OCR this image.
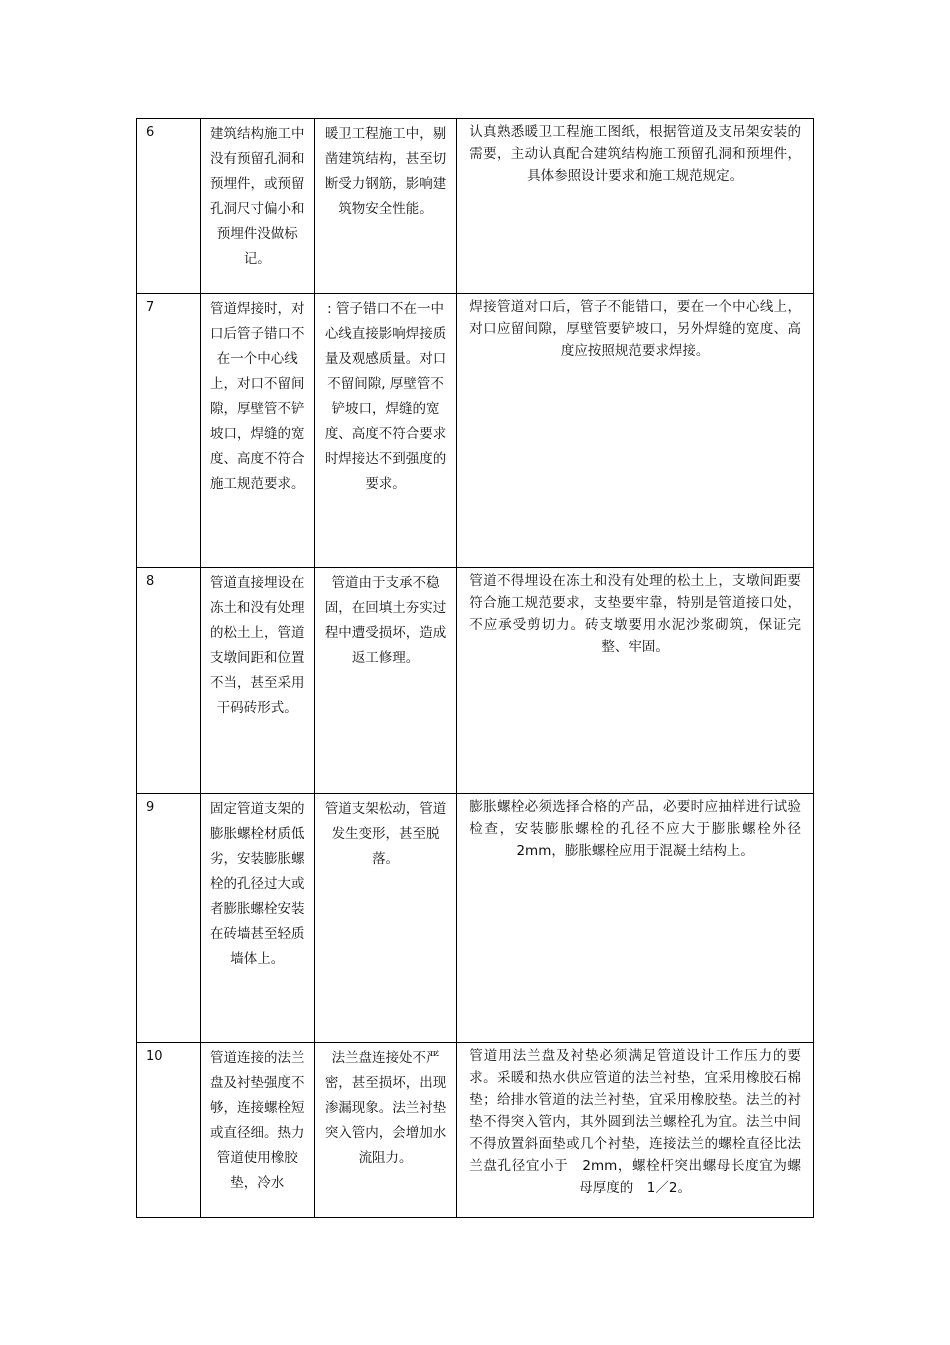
6	建筑结构施工中没有预留孔洞和预埋件，或预留孔洞尺寸偏小和预埋件没做标记。	暖卫工程施工中，剔凿建筑结构，甚至切断受力钢筋，影响建筑物安全性能。	认真熟悉暖卫工程施工图纸，根据管道及支吊架安装的需要，主动认真配合建筑结构施工预留孔洞和预埋件，具体参照设计要求和施工规范规定。
7	管道焊接时，对口后管子错口不在一个中心线上，对口不留间隙，厚壁管不铲坡口，焊缝的宽度、高度不符合施工规范要求。	: 管子错口不在一中心线直接影响焊接质量及观感质量。对口不留间隙, 厚壁管不铲坡口，焊缝的宽度、高度不符合要求时焊接达不到强度的要求。	焊接管道对口后，管子不能错口，要在一个中心线上，对口应留间隙，厚壁管要铲坡口，另外焊缝的宽度、高度应按照规范要求焊接。
8	管道直接埋设在冻土和没有处理的松土上，管道支墩间距和位置不当，甚至采用干码砖形式。	管道由于支承不稳固，在回填土夯实过程中遭受损坏，造成返工修理。	管道不得埋设在冻土和没有处理的松土上，支墩间距要符合施工规范要求，支垫要牢靠，特别是管道接口处，不应承受剪切力。砖支墩要用水泥沙浆砌筑，保证完整、牢固。
9	固定管道支架的膨胀螺栓材质低劣，安装膨胀螺栓的孔径过大或者膨胀螺栓安装在砖墙甚至轻质墙体上。	管道支架松动，管道发生变形，甚至脱落。	膨胀螺栓必须选择合格的产品，必要时应抽样进行试验检查，安装膨胀螺栓的孔径不应大于膨胀螺栓外径　2mm，膨胀螺栓应用于混凝土结构上。
10	管道连接的法兰盘及衬垫强度不够，连接螺栓短或直径细。热力管道使用橡胶垫，冷水	法兰盘连接处不严密，甚至损坏，出现渗漏现象。法兰衬垫突入管内，会增加水流阻力。	管道用法兰盘及衬垫必须满足管道设计工作压力的要求。采暖和热水供应管道的法兰衬垫，宜采用橡胶石棉垫；给排水管道的法兰衬垫，宜采用橡胶垫。法兰的衬垫不得突入管内，其外圆到法兰螺栓孔为宜。法兰中间不得放置斜面垫或几个衬垫，连接法兰的螺栓直径比法兰盘孔径宜小于　2mm，螺栓杆突出螺母长度宜为螺母厚度的　1／2。
